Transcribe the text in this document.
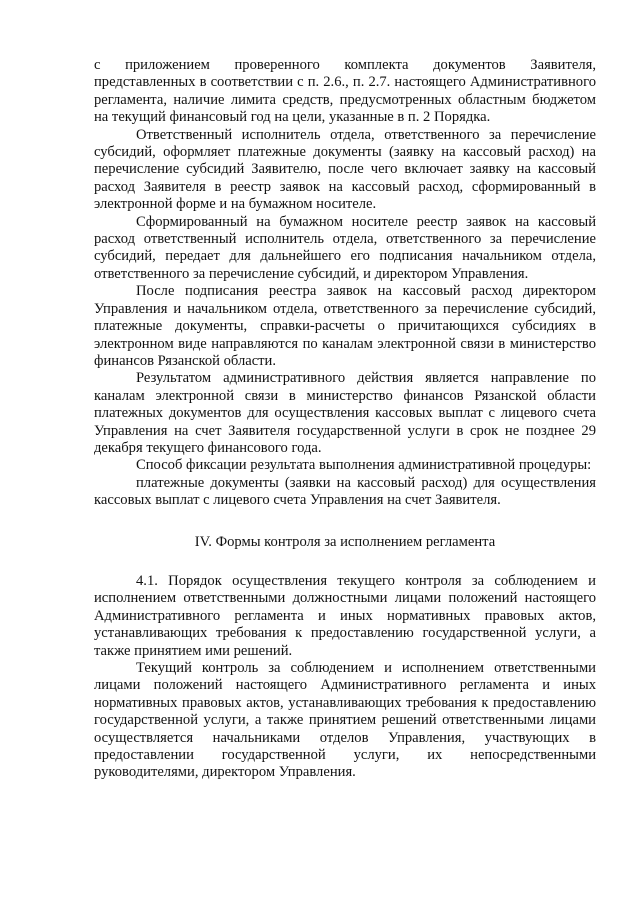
с приложением проверенного комплекта документов Заявителя, представленных в соответствии с п. 2.6., п. 2.7. настоящего Административного регламента, наличие лимита средств, предусмотренных областным бюджетом на текущий финансовый год на цели, указанные в п. 2 Порядка.

Ответственный исполнитель отдела, ответственного за перечисление субсидий, оформляет платежные документы (заявку на кассовый расход) на перечисление субсидий Заявителю, после чего включает заявку на кассовый расход Заявителя в реестр заявок на кассовый расход, сформированный в электронной форме и на бумажном носителе.

Сформированный на бумажном носителе реестр заявок на кассовый расход ответственный исполнитель отдела, ответственного за перечисление субсидий, передает для дальнейшего его подписания начальником отдела, ответственного за перечисление субсидий, и директором Управления.

После подписания реестра заявок на кассовый расход директором Управления и начальником отдела, ответственного за перечисление субсидий, платежные документы, справки-расчеты о причитающихся субсидиях в электронном виде направляются по каналам электронной связи в министерство финансов Рязанской области.

Результатом административного действия является направление по каналам электронной связи в министерство финансов Рязанской области платежных документов для осуществления кассовых выплат с лицевого счета Управления на счет Заявителя государственной услуги в срок не позднее 29 декабря текущего финансового года.

Способ фиксации результата выполнения административной процедуры:

платежные документы (заявки на кассовый расход) для осуществления кассовых выплат с лицевого счета Управления на счет Заявителя.

IV. Формы контроля за исполнением регламента

4.1. Порядок осуществления текущего контроля за соблюдением и исполнением ответственными должностными лицами положений настоящего Административного регламента и иных нормативных правовых актов, устанавливающих требования к предоставлению государственной услуги, а также принятием ими решений.

Текущий контроль за соблюдением и исполнением ответственными лицами положений настоящего Административного регламента и иных нормативных правовых актов, устанавливающих требования к предоставлению государственной услуги, а также принятием решений ответственными лицами осуществляется начальниками отделов Управления, участвующих в предоставлении государственной услуги, их непосредственными руководителями, директором Управления.
